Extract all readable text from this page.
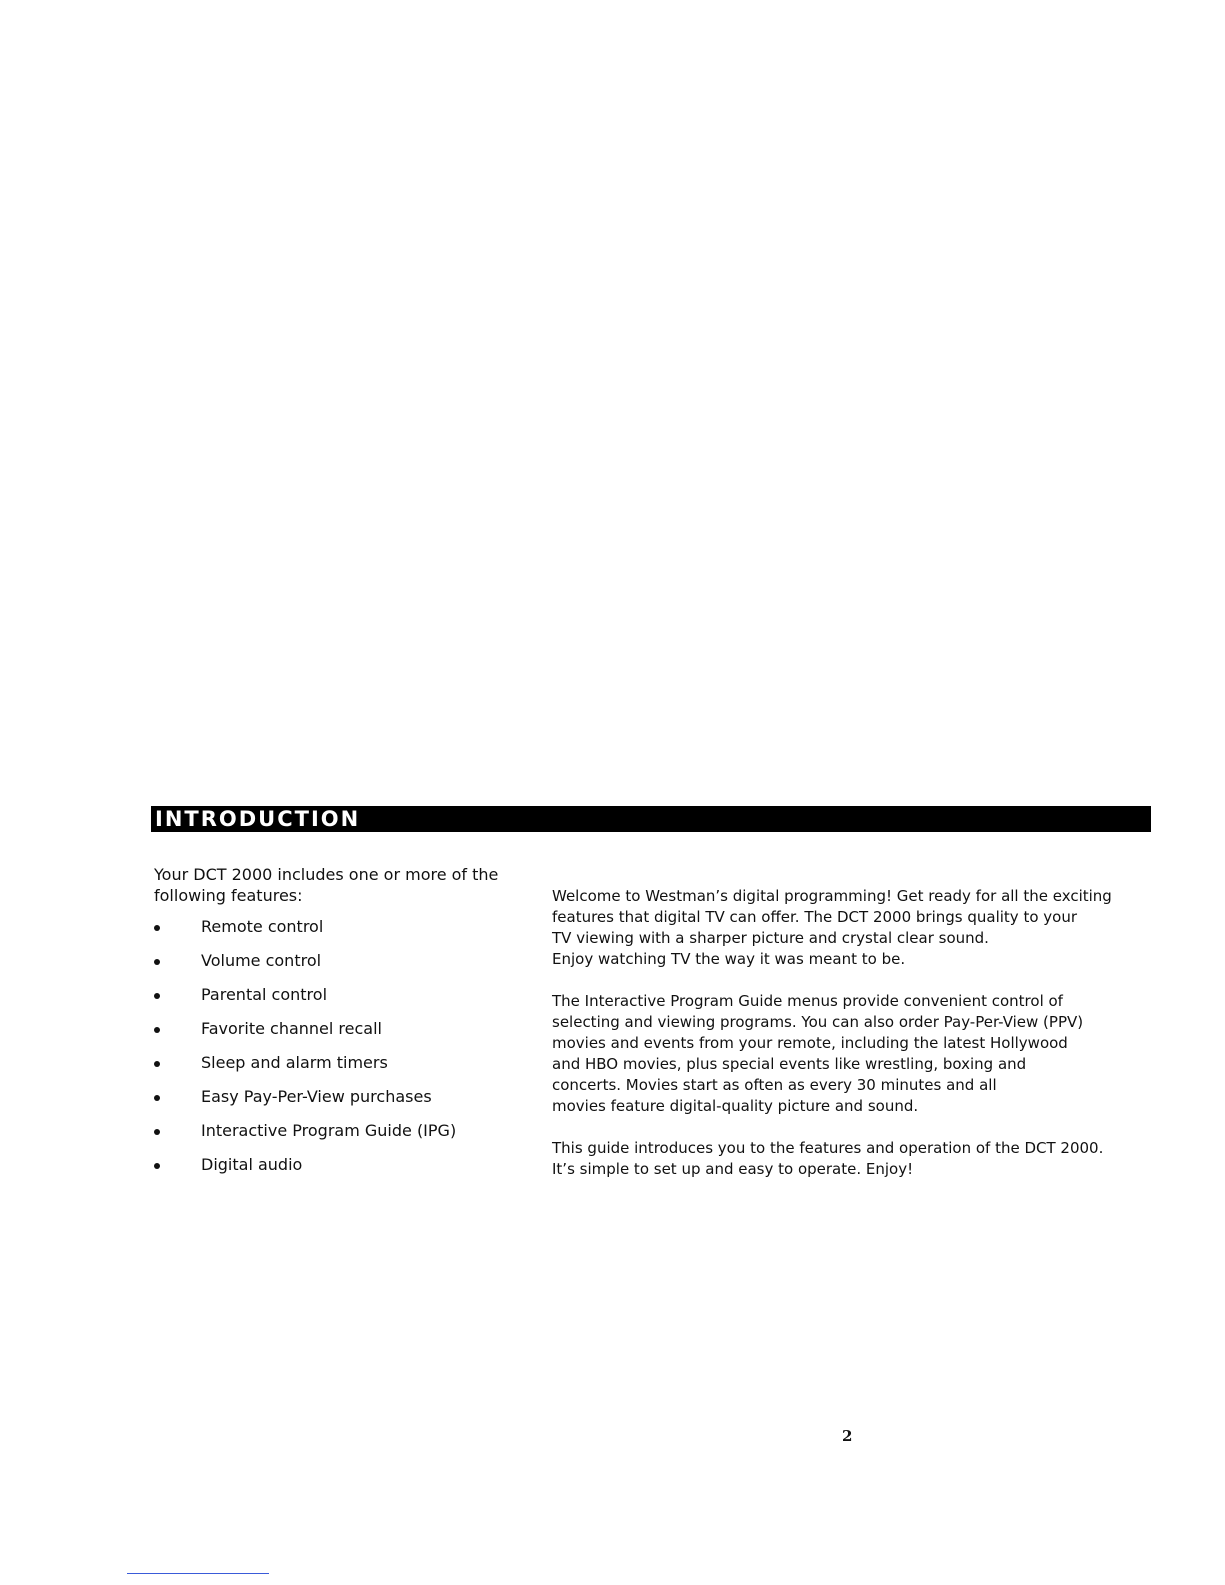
INTRODUCTION

Your DCT 2000 includes one or more of the

following features:

Remote control
Volume control
Parental control
Favorite channel recall
Sleep and alarm timers
Easy Pay-Per-View purchases
Interactive Program Guide (IPG)
Digital audio
Welcome to Westman’s digital programming! Get ready for all the exciting
features that digital TV can offer. The DCT 2000 brings quality to your
TV viewing with a sharper picture and crystal clear sound.
Enjoy watching TV the way it was meant to be.
The Interactive Program Guide menus provide convenient control of
selecting and viewing programs. You can also order Pay-Per-View (PPV)
movies and events from your remote, including the latest Hollywood
and HBO movies, plus special events like wrestling, boxing and
concerts. Movies start as often as every 30 minutes and all
movies feature digital-quality picture and sound.
This guide introduces you to the features and operation of the DCT 2000.
It’s simple to set up and easy to operate. Enjoy!
2
